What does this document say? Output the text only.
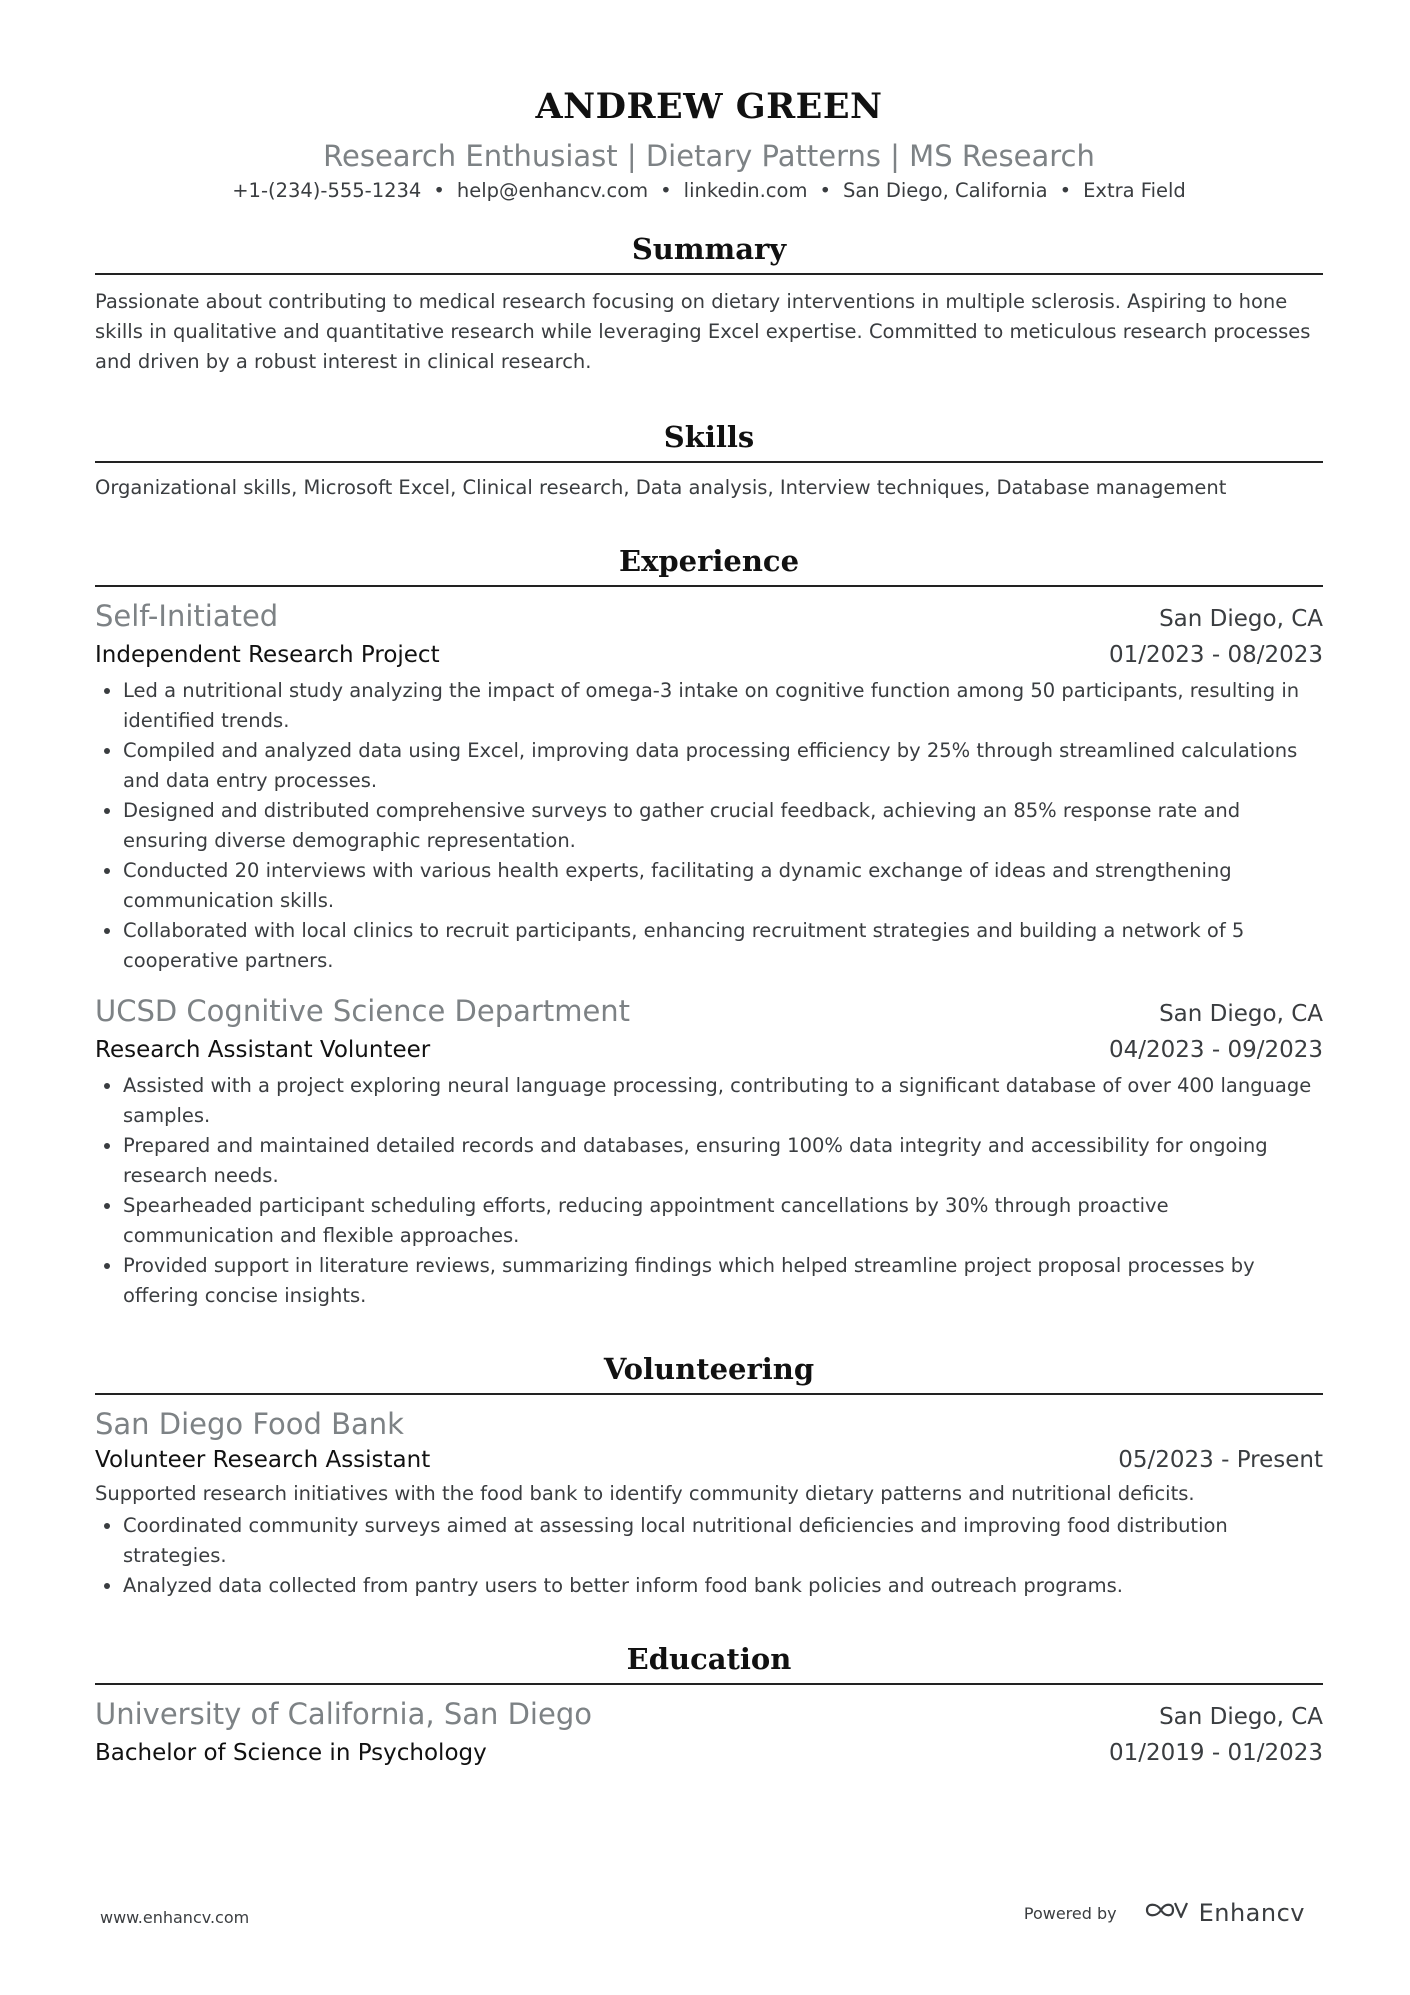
ANDREW GREEN
Research Enthusiast | Dietary Patterns | MS Research
+1-(234)-555-1234 • help@enhancv.com • linkedin.com • San Diego, California • Extra Field
Summary
Passionate about contributing to medical research focusing on dietary interventions in multiple sclerosis. Aspiring to hone skills in qualitative and quantitative research while leveraging Excel expertise. Committed to meticulous research processes and driven by a robust interest in clinical research.
Skills
Organizational skills, Microsoft Excel, Clinical research, Data analysis, Interview techniques, Database management
Experience
Self-Initiated	San Diego, CA
Independent Research Project	01/2023 - 08/2023
• Led a nutritional study analyzing the impact of omega-3 intake on cognitive function among 50 participants, resulting in identified trends.
• Compiled and analyzed data using Excel, improving data processing efficiency by 25% through streamlined calculations and data entry processes.
• Designed and distributed comprehensive surveys to gather crucial feedback, achieving an 85% response rate and ensuring diverse demographic representation.
• Conducted 20 interviews with various health experts, facilitating a dynamic exchange of ideas and strengthening communication skills.
• Collaborated with local clinics to recruit participants, enhancing recruitment strategies and building a network of 5 cooperative partners.
UCSD Cognitive Science Department	San Diego, CA
Research Assistant Volunteer	04/2023 - 09/2023
• Assisted with a project exploring neural language processing, contributing to a significant database of over 400 language samples.
• Prepared and maintained detailed records and databases, ensuring 100% data integrity and accessibility for ongoing research needs.
• Spearheaded participant scheduling efforts, reducing appointment cancellations by 30% through proactive communication and flexible approaches.
• Provided support in literature reviews, summarizing findings which helped streamline project proposal processes by offering concise insights.
Volunteering
San Diego Food Bank
Volunteer Research Assistant	05/2023 - Present
Supported research initiatives with the food bank to identify community dietary patterns and nutritional deficits.
• Coordinated community surveys aimed at assessing local nutritional deficiencies and improving food distribution strategies.
• Analyzed data collected from pantry users to better inform food bank policies and outreach programs.
Education
University of California, San Diego	San Diego, CA
Bachelor of Science in Psychology	01/2019 - 01/2023
www.enhancv.com	Powered by	Enhancv
